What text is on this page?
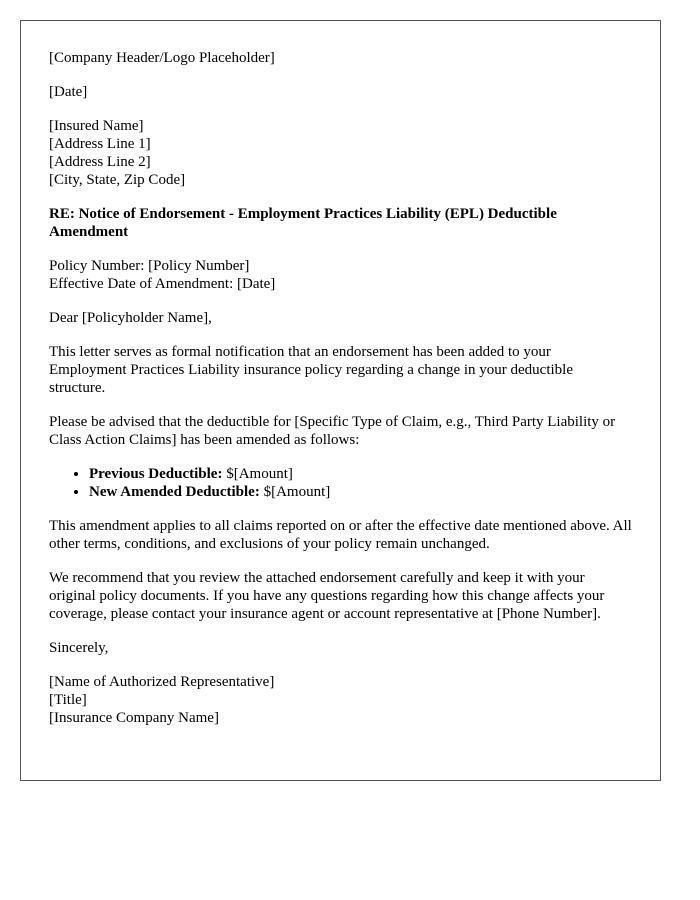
[Company Header/Logo Placeholder]
[Date]
[Insured Name]
[Address Line 1]
[Address Line 2]
[City, State, Zip Code]
RE: Notice of Endorsement - Employment Practices Liability (EPL) Deductible Amendment
Policy Number: [Policy Number]
Effective Date of Amendment: [Date]

Dear [Policyholder Name],

This letter serves as formal notification that an endorsement has been added to your Employment Practices Liability insurance policy regarding a change in your deductible structure.

Please be advised that the deductible for [Specific Type of Claim, e.g., Third Party Liability or Class Action Claims] has been amended as follows:

• Previous Deductible: $[Amount]
• New Amended Deductible: $[Amount]

This amendment applies to all claims reported on or after the effective date mentioned above. All other terms, conditions, and exclusions of your policy remain unchanged.

We recommend that you review the attached endorsement carefully and keep it with your original policy documents. If you have any questions regarding how this change affects your coverage, please contact your insurance agent or account representative at [Phone Number].

Sincerely,

[Name of Authorized Representative]
[Title]
[Insurance Company Name]
